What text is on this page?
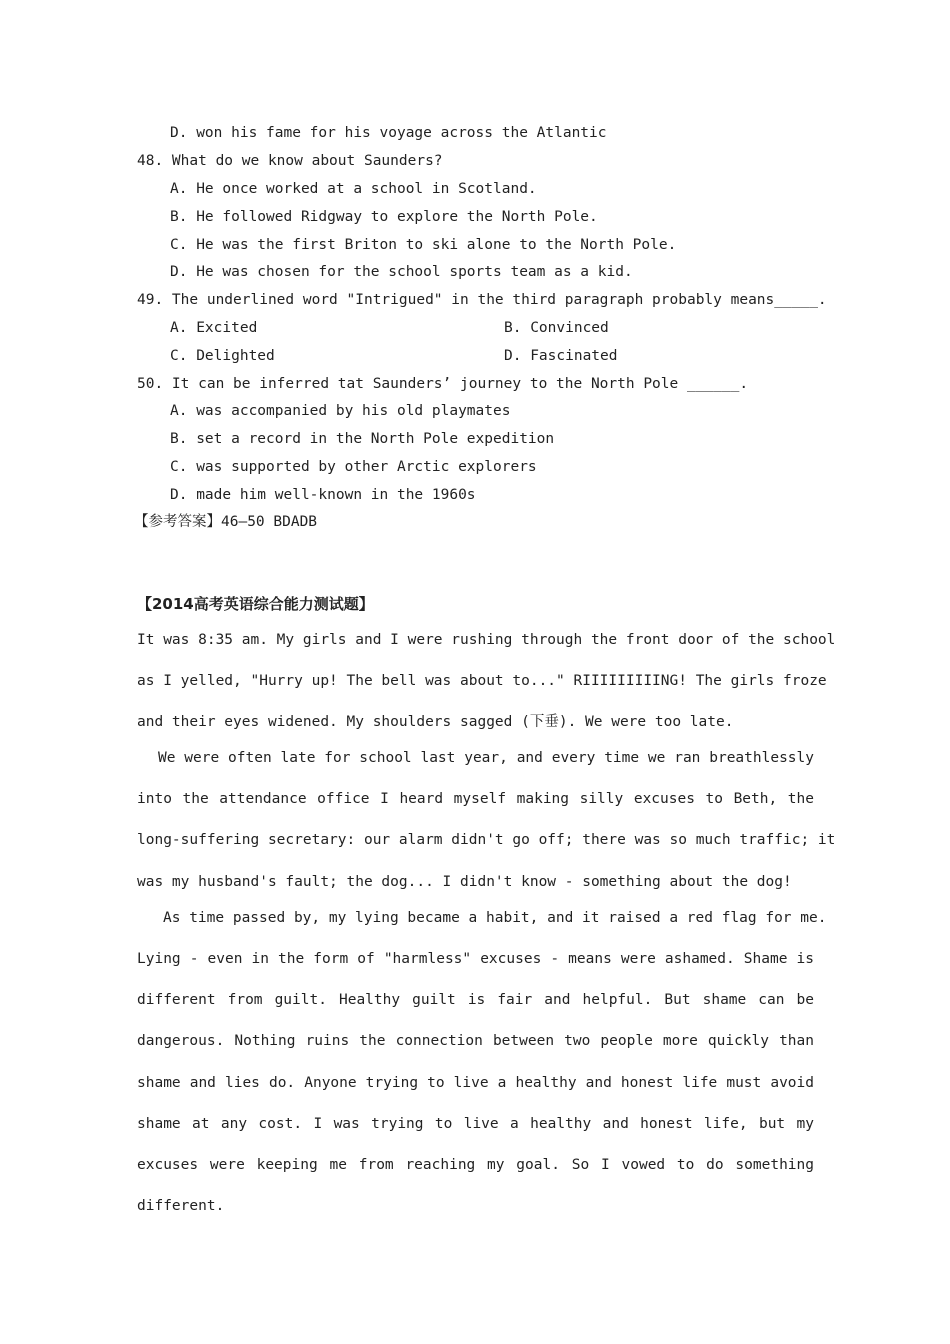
D. won his fame for his voyage across the Atlantic
48. What do we know about Saunders?
A. He once worked at a school in Scotland.
B. He followed Ridgway to explore the North Pole.
C. He was the first Briton to ski alone to the North Pole.
D. He was chosen for the school sports team as a kid.
49. The underlined word "Intrigued" in the third paragraph probably means_____.
A. Excited	B. Convinced
C. Delighted	D. Fascinated
50. It can be inferred tat Saunders’ journey to the North Pole ______.
A. was accompanied by his old playmates
B. set a record in the North Pole expedition
C. was supported by other Arctic explorers
D. made him well-known in the 1960s
【参考答案】46—50 BDADB
【2014高考英语综合能力测试题】
It was 8:35 am. My girls and I were rushing through the front door of the school
as I yelled, "Hurry up! The bell was about to..." RIIIIIIIIING! The girls froze
and their eyes widened. My shoulders sagged (下垂). We were too late.
We were often late for school last year, and every time we ran breathlessly
into the attendance office I heard myself making silly excuses to Beth, the
long-suffering secretary: our alarm didn't go off; there was so much traffic; it
was my husband's fault; the dog... I didn't know - something about the dog!
As time passed by, my lying became a habit, and it raised a red flag for me.
Lying - even in the form of "harmless" excuses - means were ashamed. Shame is
different from guilt. Healthy guilt is fair and helpful. But shame can be
dangerous. Nothing ruins the connection between two people more quickly than
shame and lies do. Anyone trying to live a healthy and honest life must avoid
shame at any cost. I was trying to live a healthy and honest life, but my
excuses were keeping me from reaching my goal. So I vowed to do something
different.
